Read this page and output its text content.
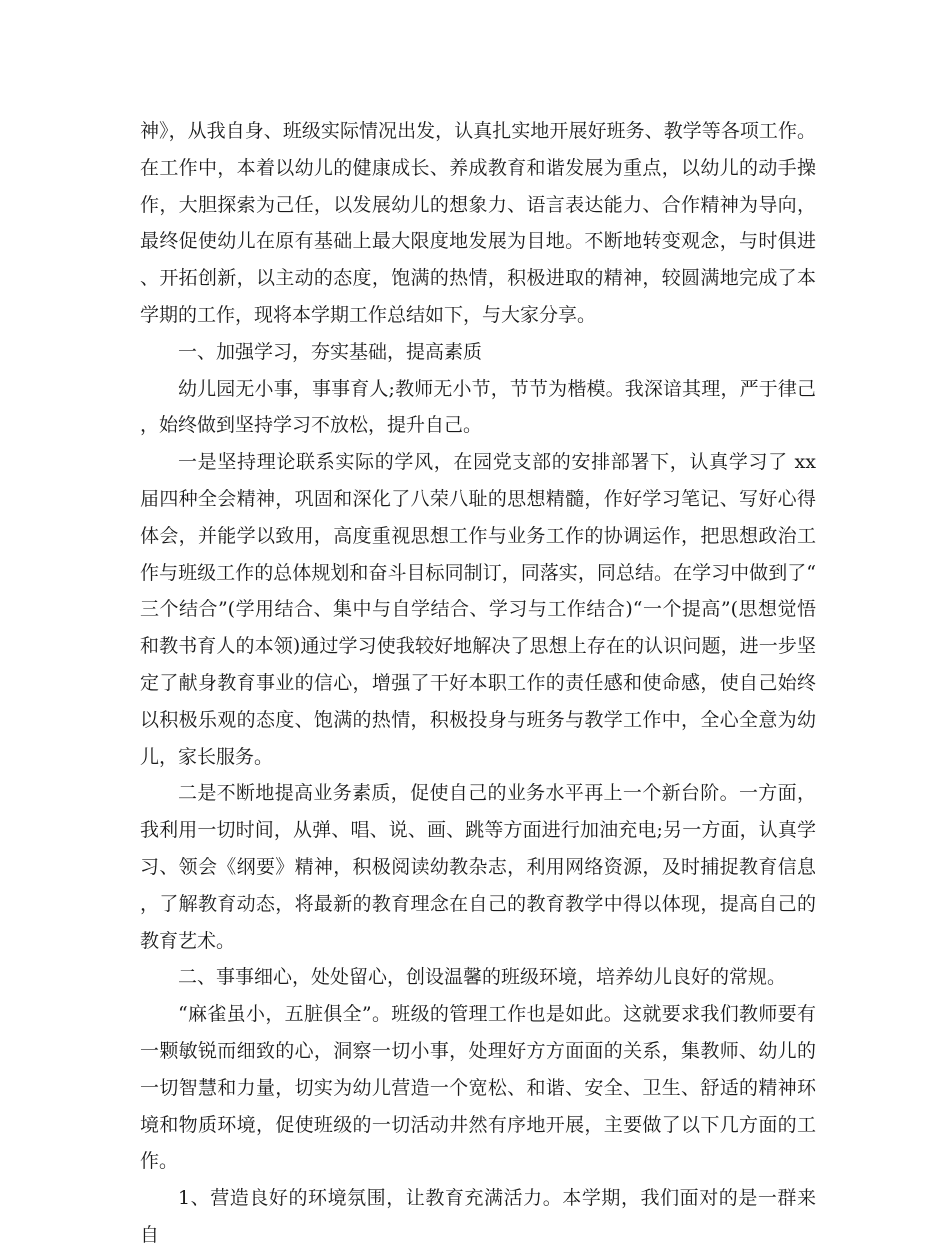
神》，从我自身、班级实际情况出发，认真扎实地开展好班务、教学等各项工作。在工作中，本着以幼儿的健康成长、养成教育和谐发展为重点，以幼儿的动手操作，大胆探索为己任，以发展幼儿的想象力、语言表达能力、合作精神为导向，最终促使幼儿在原有基础上最大限度地发展为目地。不断地转变观念，与时俱进、开拓创新，以主动的态度，饱满的热情，积极进取的精神，较圆满地完成了本学期的工作，现将本学期工作总结如下，与大家分享。

一、加强学习，夯实基础，提高素质

幼儿园无小事，事事育人;教师无小节，节节为楷模。我深谙其理，严于律己，始终做到坚持学习不放松，提升自己。

一是坚持理论联系实际的学风，在园党支部的安排部署下，认真学习了 xx 届四种全会精神，巩固和深化了八荣八耻的思想精髓，作好学习笔记、写好心得体会，并能学以致用，高度重视思想工作与业务工作的协调运作，把思想政治工作与班级工作的总体规划和奋斗目标同制订，同落实，同总结。在学习中做到了“三个结合”(学用结合、集中与自学结合、学习与工作结合)“一个提高”(思想觉悟和教书育人的本领)通过学习使我较好地解决了思想上存在的认识问题，进一步坚定了献身教育事业的信心，增强了干好本职工作的责任感和使命感，使自己始终以积极乐观的态度、饱满的热情，积极投身与班务与教学工作中，全心全意为幼儿，家长服务。

二是不断地提高业务素质，促使自己的业务水平再上一个新台阶。一方面，我利用一切时间，从弹、唱、说、画、跳等方面进行加油充电;另一方面，认真学习、领会《纲要》精神，积极阅读幼教杂志，利用网络资源，及时捕捉教育信息，了解教育动态，将最新的教育理念在自己的教育教学中得以体现，提高自己的教育艺术。

二、事事细心，处处留心，创设温馨的班级环境，培养幼儿良好的常规。

“麻雀虽小，五脏俱全”。班级的管理工作也是如此。这就要求我们教师要有一颗敏锐而细致的心，洞察一切小事，处理好方方面面的关系，集教师、幼儿的一切智慧和力量，切实为幼儿营造一个宽松、和谐、安全、卫生、舒适的精神环境和物质环境，促使班级的一切活动井然有序地开展，主要做了以下几方面的工作。

1、营造良好的环境氛围，让教育充满活力。本学期，我们面对的是一群来自
